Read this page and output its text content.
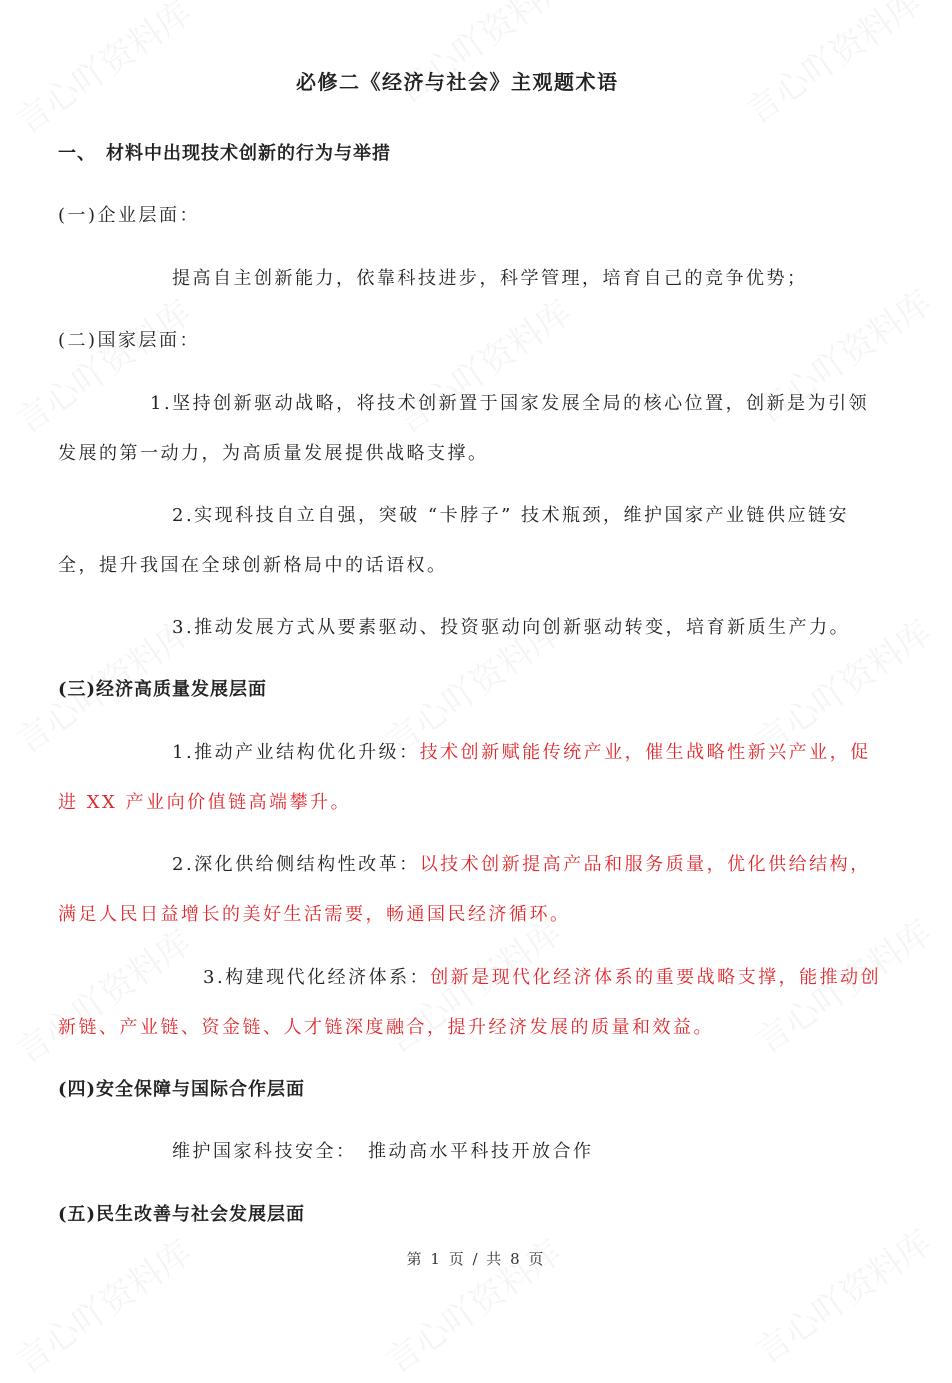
必修二《经济与社会》主观题术语
一、　材料中出现技术创新的行为与举措
(一)企业层面：
提高自主创新能力，依靠科技进步，科学管理，培育自己的竞争优势；
(二)国家层面：
1.坚持创新驱动战略，将技术创新置于国家发展全局的核心位置，创新是为引领
发展的第一动力，为高质量发展提供战略支撑。
2.实现科技自立自强，突破 “卡脖子” 技术瓶颈，维护国家产业链供应链安
全，提升我国在全球创新格局中的话语权。
3.推动发展方式从要素驱动、投资驱动向创新驱动转变，培育新质生产力。
(三)经济高质量发展层面
1.推动产业结构优化升级：技术创新赋能传统产业，催生战略性新兴产业，促
进 XX 产业向价值链高端攀升。
2.深化供给侧结构性改革：以技术创新提高产品和服务质量，优化供给结构，
满足人民日益增长的美好生活需要，畅通国民经济循环。
3.构建现代化经济体系：创新是现代化经济体系的重要战略支撑，能推动创
新链、产业链、资金链、人才链深度融合，提升经济发展的质量和效益。
(四)安全保障与国际合作层面
维护国家科技安全：　推动高水平科技开放合作
(五)民生改善与社会发展层面
第 1 页 / 共 8 页
